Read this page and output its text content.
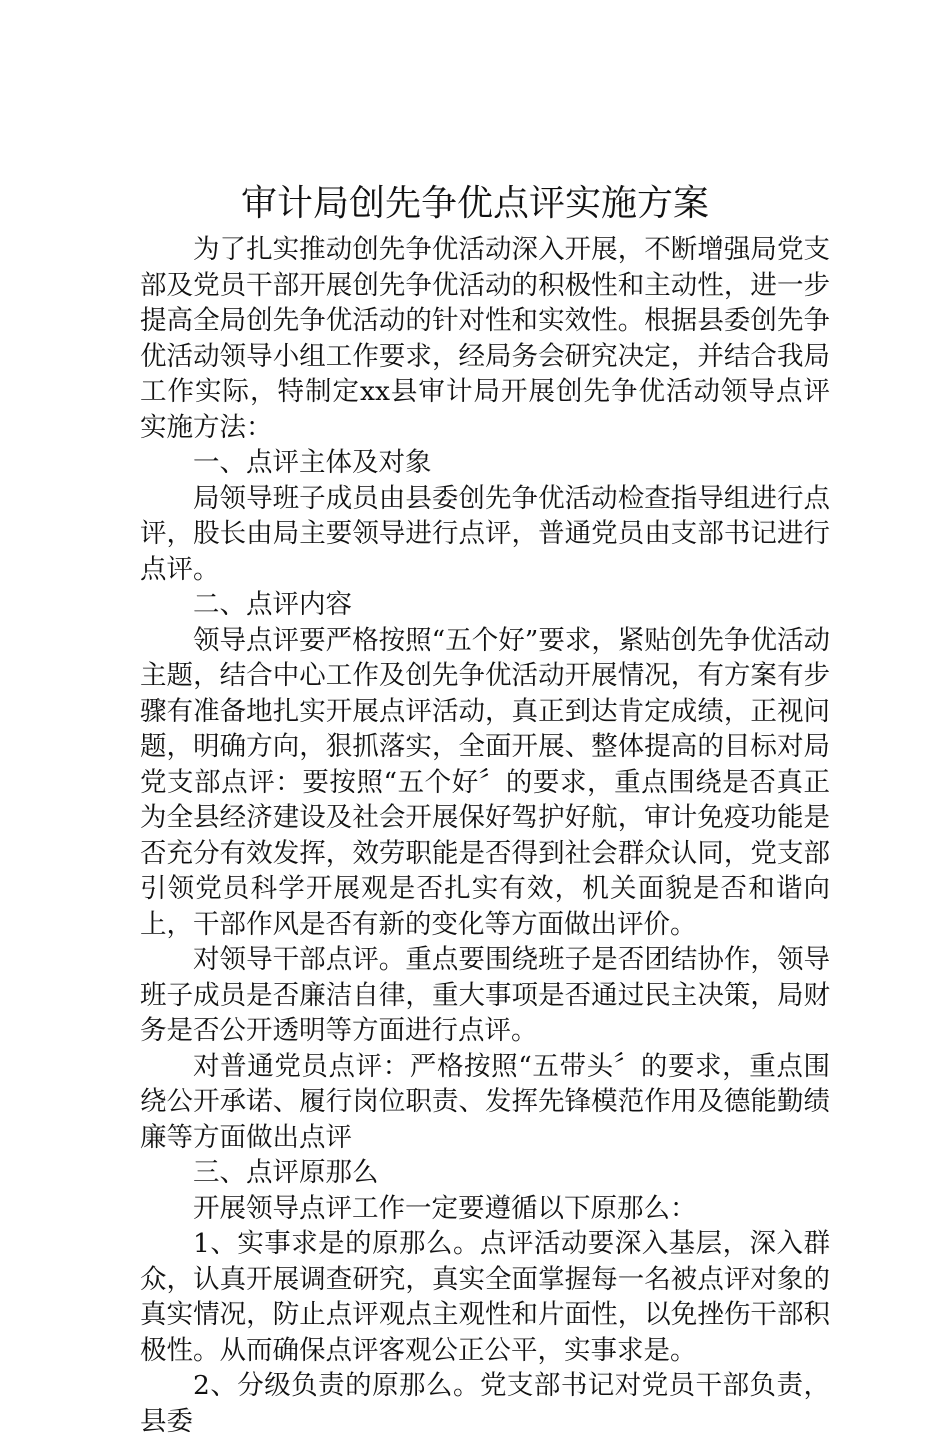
审计局创先争优点评实施方案

为了扎实推动创先争优活动深入开展，不断增强局党支部及党员干部开展创先争优活动的积极性和主动性，进一步提高全局创先争优活动的针对性和实效性。根据县委创先争优活动领导小组工作要求，经局务会研究决定，并结合我局工作实际，特制定xx县审计局开展创先争优活动领导点评实施方法：

一、点评主体及对象

局领导班子成员由县委创先争优活动检查指导组进行点评，股长由局主要领导进行点评，普通党员由支部书记进行点评。

二、点评内容

领导点评要严格按照“五个好”要求，紧贴创先争优活动主题，结合中心工作及创先争优活动开展情况，有方案有步骤有准备地扎实开展点评活动，真正到达肯定成绩，正视问题，明确方向，狠抓落实，全面开展、整体提高的目标对局党支部点评：要按照“五个好〞的要求，重点围绕是否真正为全县经济建设及社会开展保好驾护好航，审计免疫功能是否充分有效发挥，效劳职能是否得到社会群众认同，党支部引领党员科学开展观是否扎实有效，机关面貌是否和谐向上，干部作风是否有新的变化等方面做出评价。

对领导干部点评。重点要围绕班子是否团结协作，领导班子成员是否廉洁自律，重大事项是否通过民主决策，局财务是否公开透明等方面进行点评。

对普通党员点评：严格按照“五带头〞的要求，重点围绕公开承诺、履行岗位职责、发挥先锋模范作用及德能勤绩廉等方面做出点评

三、点评原那么

开展领导点评工作一定要遵循以下原那么：

1、实事求是的原那么。点评活动要深入基层，深入群众，认真开展调查研究，真实全面掌握每一名被点评对象的真实情况，防止点评观点主观性和片面性，以免挫伤干部积极性。从而确保点评客观公正公平，实事求是。

2、分级负责的原那么。党支部书记对党员干部负责，县委
